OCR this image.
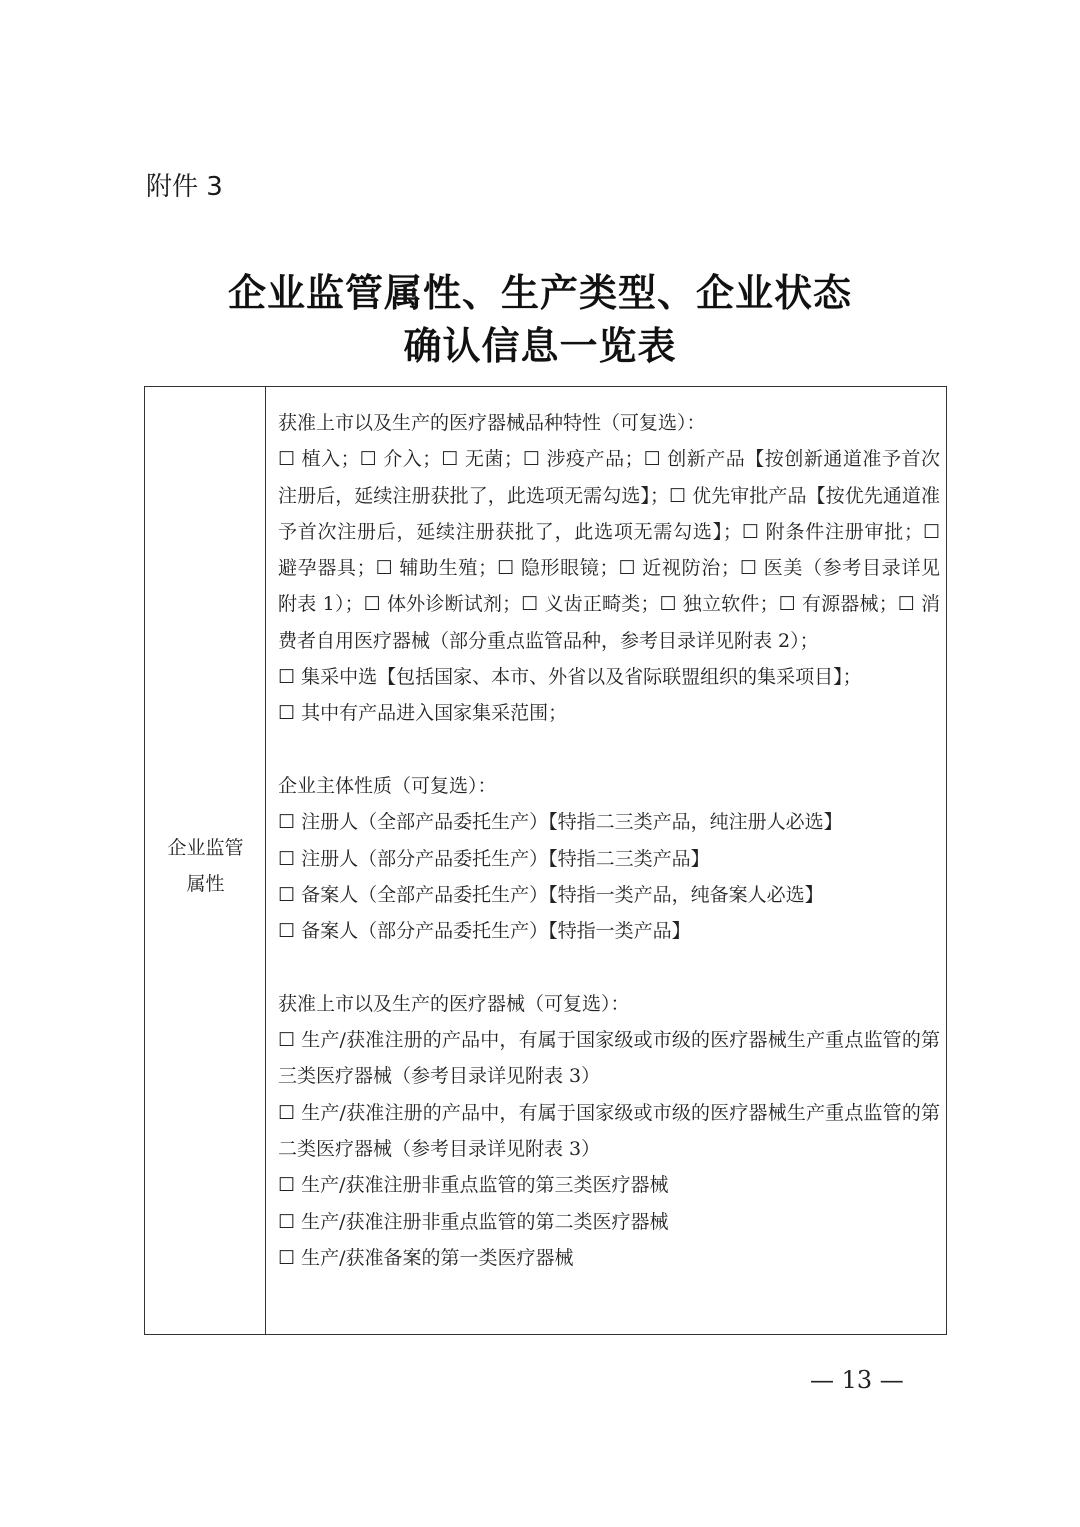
附件 3
企业监管属性、生产类型、企业状态
确认信息一览表
企业监管
属性

获准上市以及生产的医疗器械品种特性（可复选）：

☐ 植入；☐ 介入；☐ 无菌；☐ 涉疫产品；☐ 创新产品【按创新通道准予首次注册后，延续注册获批了，此选项无需勾选】；☐ 优先审批产品【按优先通道准予首次注册后，延续注册获批了，此选项无需勾选】；☐ 附条件注册审批；☐ 避孕器具；☐ 辅助生殖；☐ 隐形眼镜；☐ 近视防治；☐ 医美（参考目录详见附表 1）；☐ 体外诊断试剂；☐ 义齿正畸类；☐ 独立软件；☐ 有源器械；☐ 消费者自用医疗器械（部分重点监管品种，参考目录详见附表 2）；

☐ 集采中选【包括国家、本市、外省以及省际联盟组织的集采项目】；

☐ 其中有产品进入国家集采范围；

企业主体性质（可复选）：

☐ 注册人（全部产品委托生产）【特指二三类产品，纯注册人必选】

☐ 注册人（部分产品委托生产）【特指二三类产品】

☐ 备案人（全部产品委托生产）【特指一类产品，纯备案人必选】

☐ 备案人（部分产品委托生产）【特指一类产品】

获准上市以及生产的医疗器械（可复选）：

☐ 生产/获准注册的产品中，有属于国家级或市级的医疗器械生产重点监管的第三类医疗器械（参考目录详见附表 3）

☐ 生产/获准注册的产品中，有属于国家级或市级的医疗器械生产重点监管的第二类医疗器械（参考目录详见附表 3）

☐ 生产/获准注册非重点监管的第三类医疗器械

☐ 生产/获准注册非重点监管的第二类医疗器械

☐ 生产/获准备案的第一类医疗器械

— 13 —
